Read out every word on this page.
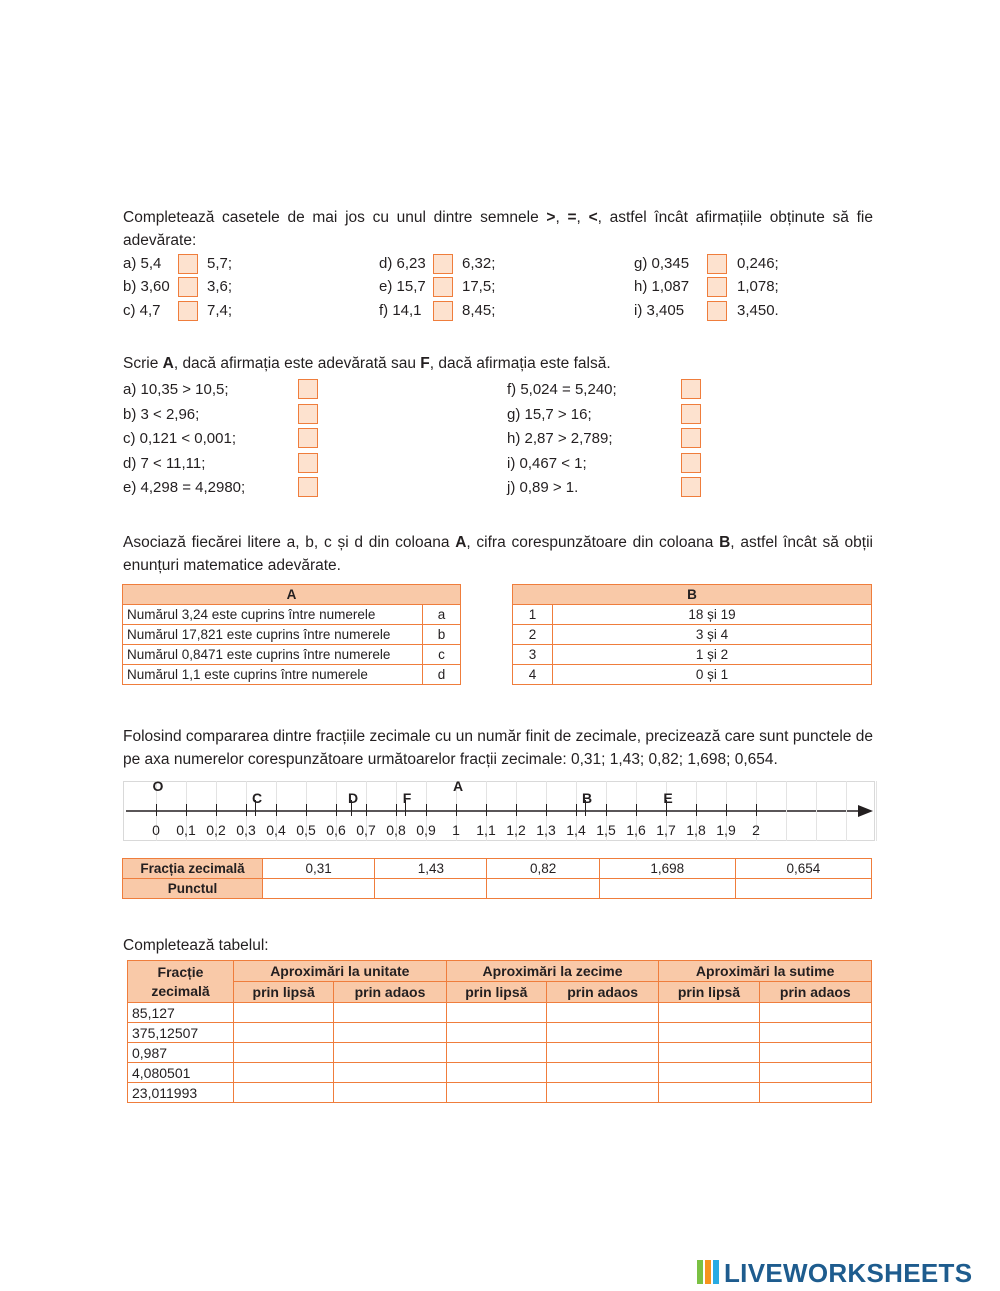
Completează casetele de mai jos cu unul dintre semnele >, =, <, astfel încât afirmațiile obținute să fie adevărate:
a) 5,4	5,7;
b) 3,60 3,6;
c) 4,7	7,4;
d) 6,23 6,32;
e) 15,7 17,5;
f) 14,1	8,45;
g) 0,345	0,246;
h) 1,087	1,078;
i) 3,405	3,450.
Scrie A, dacă afirmația este adevărată sau F, dacă afirmația este falsă.
a) 10,35 > 10,5;
b) 3 < 2,96;
c) 0,121 < 0,001;
d) 7 < 11,11;
e) 4,298 = 4,2980;
f) 5,024 = 5,240;
g) 15,7 > 16;
h) 2,87 > 2,789;
i) 0,467 < 1;
j) 0,89 > 1.
Asociază fiecărei litere a, b, c și d din coloana A, cifra corespunzătoare din coloana B, astfel încât să obții enunțuri matematice adevărate.
A	
Numărul 3,24 este cuprins între numerele	a
Numărul 17,821 este cuprins între numerele	b
Numărul 0,8471 este cuprins între numerele	c
Numărul 1,1 este cuprins între numerele	d
B	
1	18 și 19
2	3 și 4
3	1 și 2
4	0 și 1
Folosind compararea dintre fracțiile zecimale cu un număr finit de zecimale, precizează care sunt punctele de pe axa numerelor corespunzătoare următoarelor fracții zecimale: 0,31; 1,43; 0,82; 1,698; 0,654.
0 0,1 0,2 0,3 0,4 0,5 0,6 0,7 0,8 0,9 1 1,1 1,2 1,3 1,4 1,5 1,6 1,7 1,8 1,9 2
O
C	D	F
A
B	E
Fracția zecimală	0,31	1,43	0,82	1,698	0,654
Punctul					
Completează tabelul:
Fracție zecimală	Aproximări la unitate		Aproximări la zecime		Aproximări la sutime	
	prin lipsă	prin adaos	prin lipsă	prin adaos	prin lipsă	prin adaos
85,127						
375,12507						
0,987						
4,080501						
23,011993						
LIVEWORKSHEETS
